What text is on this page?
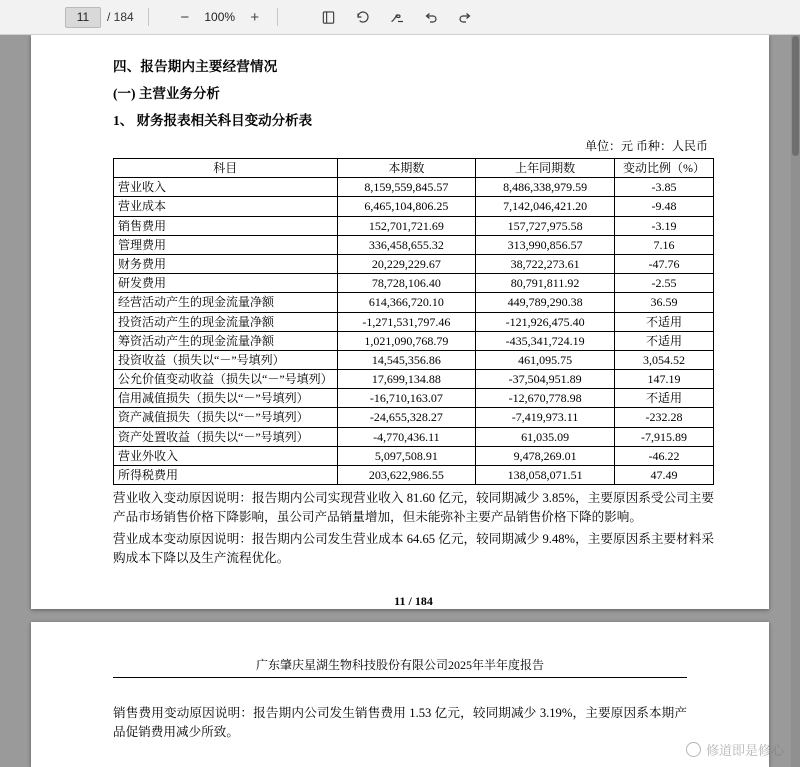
11	/ 184	−	100% +
四、报告期内主要经营情况
(一) 主营业务分析
1、 财务报表相关科目变动分析表
单位：元 币种：人民币
科目	本期数	上年同期数	变动比例（%）
营业收入	8,159,559,845.57	8,486,338,979.59	-3.85
营业成本	6,465,104,806.25	7,142,046,421.20	-9.48
销售费用	152,701,721.69	157,727,975.58	-3.19
管理费用	336,458,655.32	313,990,856.57	7.16
财务费用	20,229,229.67	38,722,273.61	-47.76
研发费用	78,728,106.40	80,791,811.92	-2.55
经营活动产生的现金流量净额	614,366,720.10	449,789,290.38	36.59
投资活动产生的现金流量净额	-1,271,531,797.46	-121,926,475.40	不适用
筹资活动产生的现金流量净额	1,021,090,768.79	-435,341,724.19	不适用
投资收益（损失以“－”号填列）	14,545,356.86	461,095.75	3,054.52
公允价值变动收益（损失以“－”号填列）	17,699,134.88	-37,504,951.89	147.19
信用减值损失（损失以“－”号填列）	-16,710,163.07	-12,670,778.98	不适用
资产减值损失（损失以“－”号填列）	-24,655,328.27	-7,419,973.11	-232.28
资产处置收益（损失以“－”号填列）	-4,770,436.11	61,035.09	-7,915.89
营业外收入	5,097,508.91	9,478,269.01	-46.22
所得税费用	203,622,986.55	138,058,071.51	47.49

营业收入变动原因说明：报告期内公司实现营业收入 81.60 亿元，较同期减少 3.85%，主要原因系受公司主要产品市场销售价格下降影响，虽公司产品销量增加，但未能弥补主要产品销售价格下降的影响。

营业成本变动原因说明：报告期内公司发生营业成本 64.65 亿元，较同期减少 9.48%，主要原因系主要材料采购成本下降以及生产流程优化。

11 / 184
广东肇庆星湖生物科技股份有限公司2025年半年度报告

销售费用变动原因说明：报告期内公司发生销售费用 1.53 亿元，较同期减少 3.19%，主要原因系本期产品促销费用减少所致。

修道即是修心
